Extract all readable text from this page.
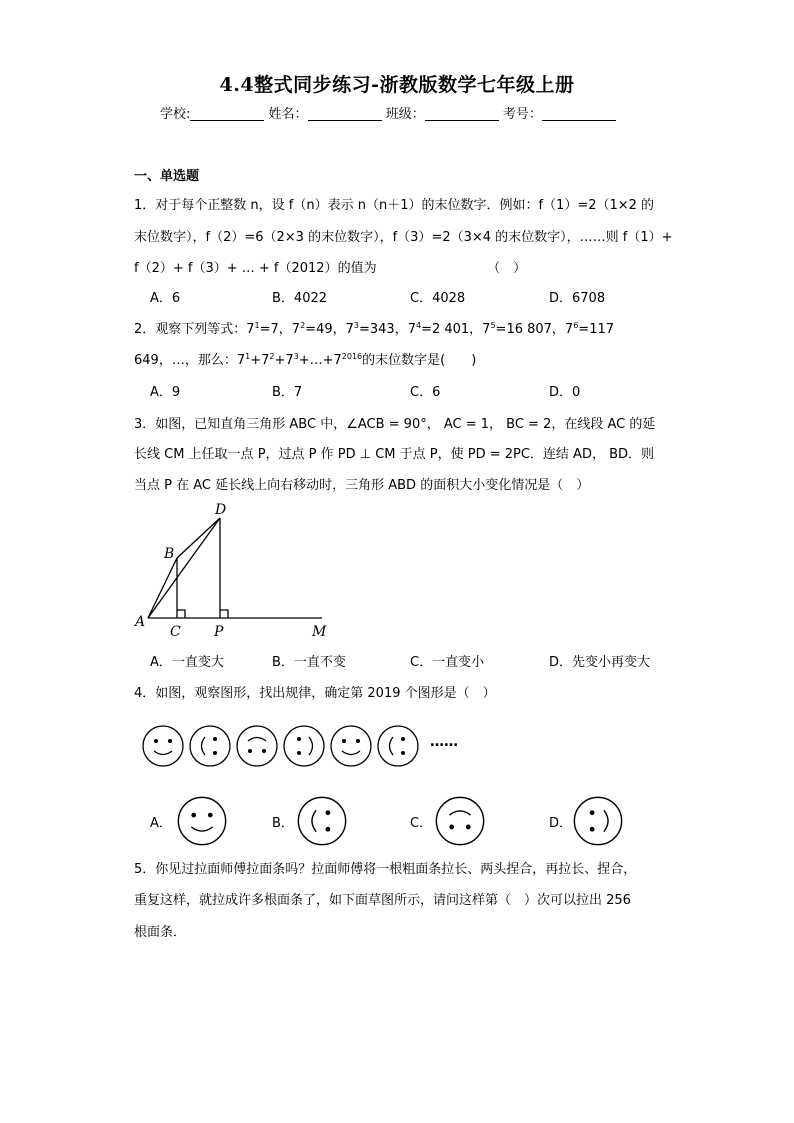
4.4整式同步练习-浙教版数学七年级上册
学校:	姓名：	班级：	考号：
一、单选题
1．对于每个正整数 n，设 f（n）表示 n（n＋1）的末位数字．例如：f（1）=2（1×2 的
末位数字），f（2）=6（2×3 的末位数字），f（3）=2（3×4 的末位数字），……则 f（1）+
f（2）+ f（3）+ … + f（2012）的值为　　　　　　　　　（　）
A．6	B．4022	C．4028	D．6708
2．观察下列等式：$7^1=7$，$7^2=49$，$7^3=343$，$7^4=2$ 401，$7^5=16$ 807，$7^6=117$
649，…，那么：$7^1+7^2+7^3+\dots+7^{2016}$的末位数字是(　　)
A．9	B．7	C．6	D．0
3．如图，已知直角三角形 ABC 中，∠ACB = 90°， AC = 1， BC = 2，在线段 AC 的延
长线 CM 上任取一点 P，过点 P 作 PD ⊥ CM 于点 P，使 PD = 2PC．连结 AD， BD．则
当点 P 在 AC 延长线上向右移动时，三角形 ABD 的面积大小变化情况是（　）
A
B
C
D
P	M
A．一直变大	B．一直不变	C．一直变小	D．先变小再变大
4．如图，观察图形，找出规律，确定第 2019 个图形是（　）
……
A．	B．	C．	D．
5．你见过拉面师傅拉面条吗？拉面师傅将一根粗面条拉长、两头捏合，再拉长、捏合，
重复这样，就拉成许多根面条了，如下面草图所示，请问这样第（　）次可以拉出 256
根面条．
